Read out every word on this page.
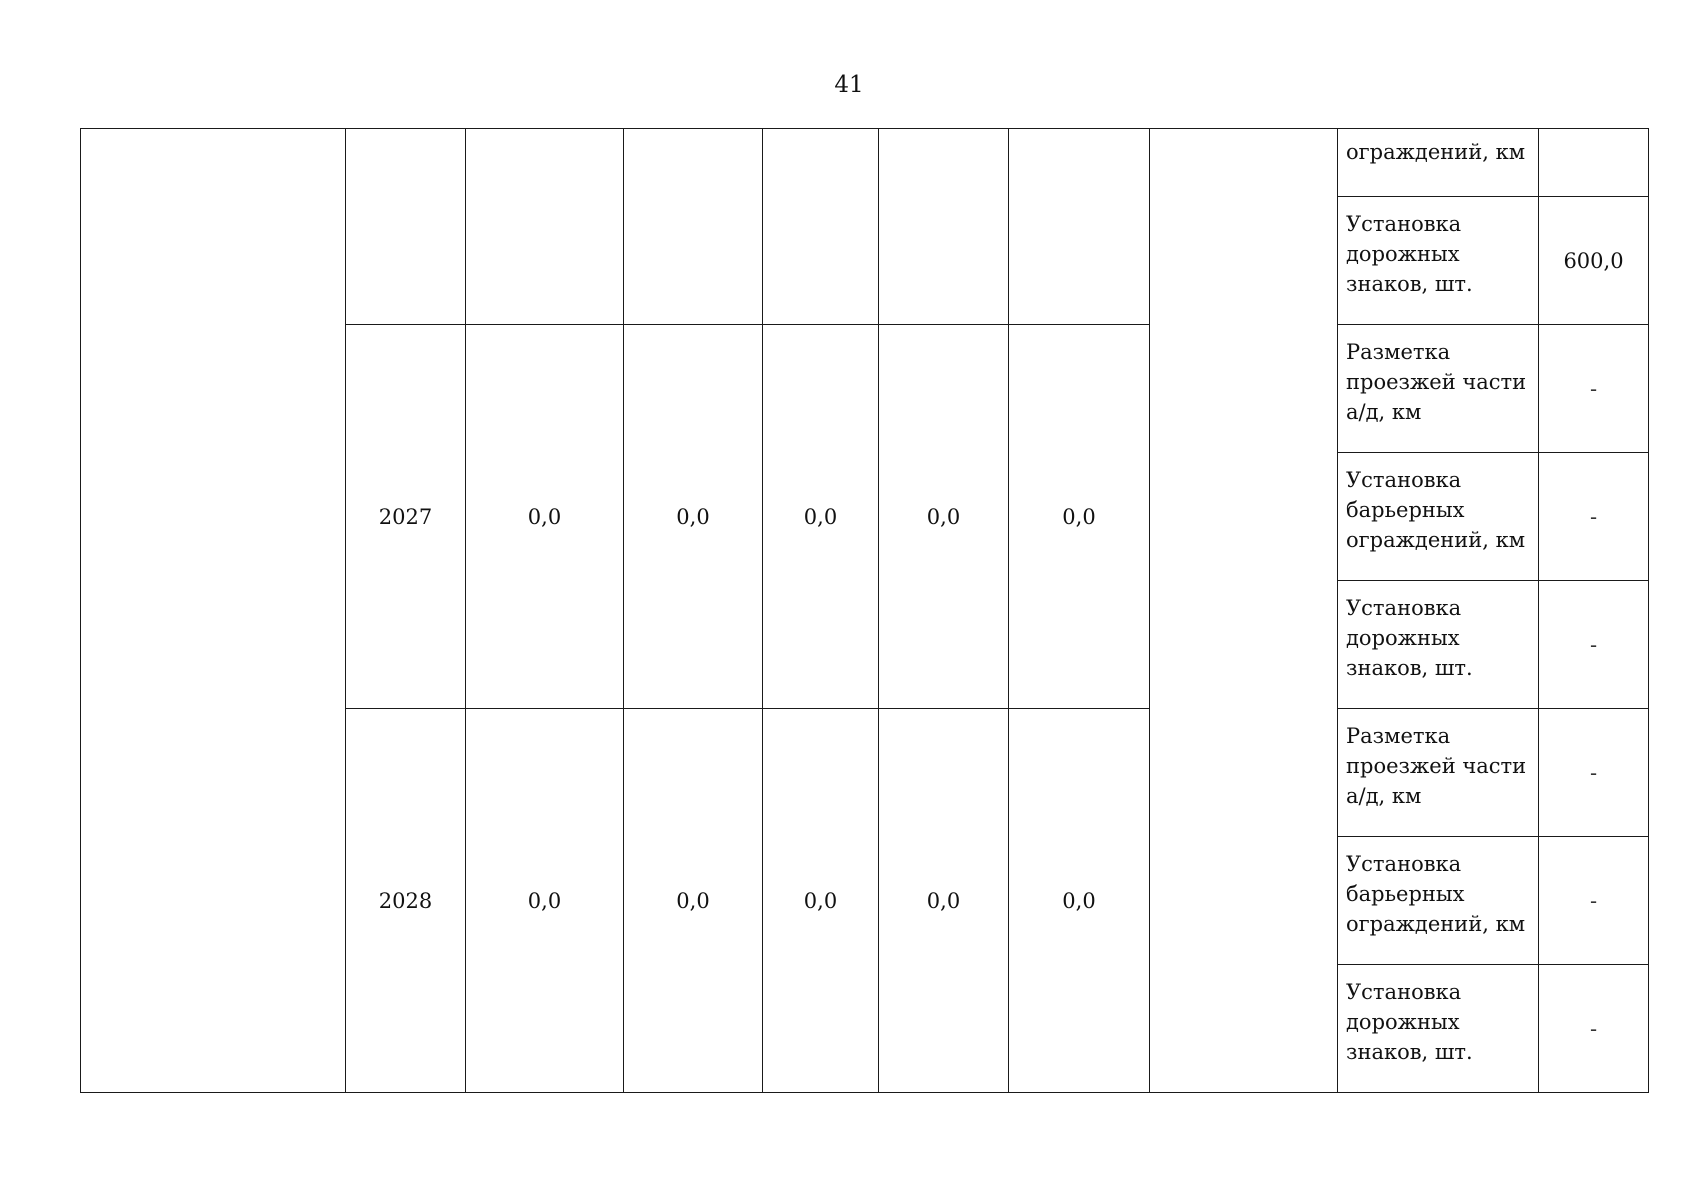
41
								ограждений, км	
								Установка
дорожных
знаков, шт.	600,0
	2027	0,0	0,0	0,0	0,0	0,0		Разметка
проезжей части
а/д, км	-
								Установка
барьерных
ограждений, км	-
								Установка
дорожных
знаков, шт.	-
	2028	0,0	0,0	0,0	0,0	0,0		Разметка
проезжей части
а/д, км	-
								Установка
барьерных
ограждений, км	-
								Установка
дорожных
знаков, шт.	-
